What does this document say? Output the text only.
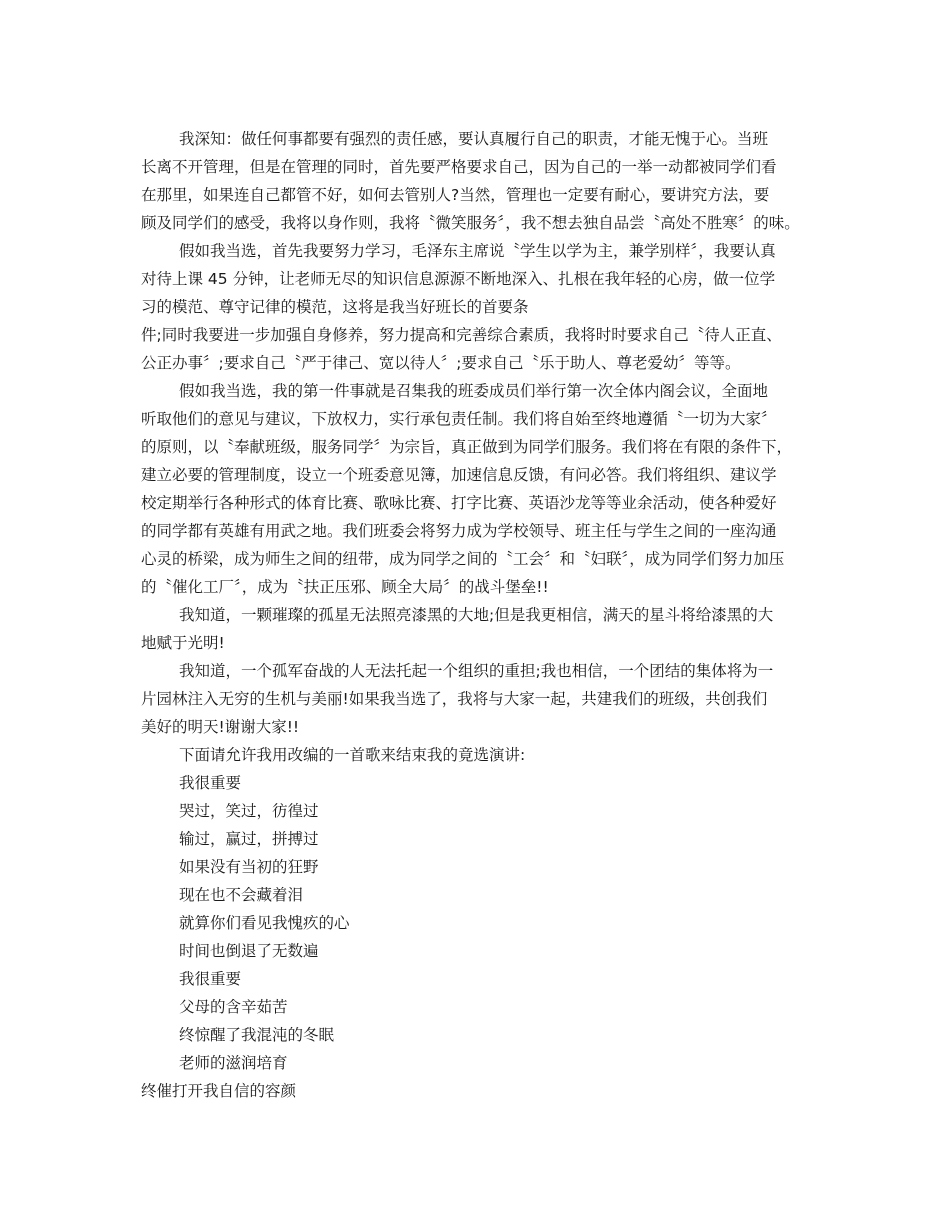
我深知：做任何事都要有强烈的责任感，要认真履行自己的职责，才能无愧于心。当班
长离不开管理，但是在管理的同时，首先要严格要求自己，因为自己的一举一动都被同学们看
在那里，如果连自己都管不好，如何去管别人?当然，管理也一定要有耐心，要讲究方法，要
顾及同学们的感受，我将以身作则，我将〝微笑服务〞，我不想去独自品尝〝高处不胜寒〞的味。
假如我当选，首先我要努力学习，毛泽东主席说〝学生以学为主，兼学别样〞，我要认真
对待上课 45 分钟，让老师无尽的知识信息源源不断地深入、扎根在我年轻的心房，做一位学
习的模范、尊守记律的模范，这将是我当好班长的首要条
件;同时我要进一步加强自身修养，努力提高和完善综合素质，我将时时要求自己〝待人正直、
公正办事〞;要求自己〝严于律己、宽以待人〞;要求自己〝乐于助人、尊老爱幼〞等等。
假如我当选，我的第一件事就是召集我的班委成员们举行第一次全体内阁会议，全面地
听取他们的意见与建议，下放权力，实行承包责任制。我们将自始至终地遵循〝一切为大家〞
的原则，以〝奉献班级，服务同学〞为宗旨，真正做到为同学们服务。我们将在有限的条件下，
建立必要的管理制度，设立一个班委意见簿，加速信息反馈，有问必答。我们将组织、建议学
校定期举行各种形式的体育比赛、歌咏比赛、打字比赛、英语沙龙等等业余活动，使各种爱好
的同学都有英雄有用武之地。我们班委会将努力成为学校领导、班主任与学生之间的一座沟通
心灵的桥梁，成为师生之间的纽带，成为同学之间的〝工会〞和〝妇联〞，成为同学们努力加压
的〝催化工厂〞，成为〝扶正压邪、顾全大局〞的战斗堡垒!!
我知道，一颗璀璨的孤星无法照亮漆黑的大地;但是我更相信，满天的星斗将给漆黑的大
地赋于光明!
我知道，一个孤军奋战的人无法托起一个组织的重担;我也相信，一个团结的集体将为一
片园林注入无穷的生机与美丽!如果我当选了，我将与大家一起，共建我们的班级，共创我们
美好的明天!谢谢大家!!
下面请允许我用改编的一首歌来结束我的竟选演讲:
我很重要
哭过，笑过，彷徨过
输过，赢过，拼搏过
如果没有当初的狂野
现在也不会藏着泪
就算你们看见我愧疚的心
时间也倒退了无数遍
我很重要
父母的含辛茹苦
终惊醒了我混沌的冬眠
老师的滋润培育
终催打开我自信的容颜
